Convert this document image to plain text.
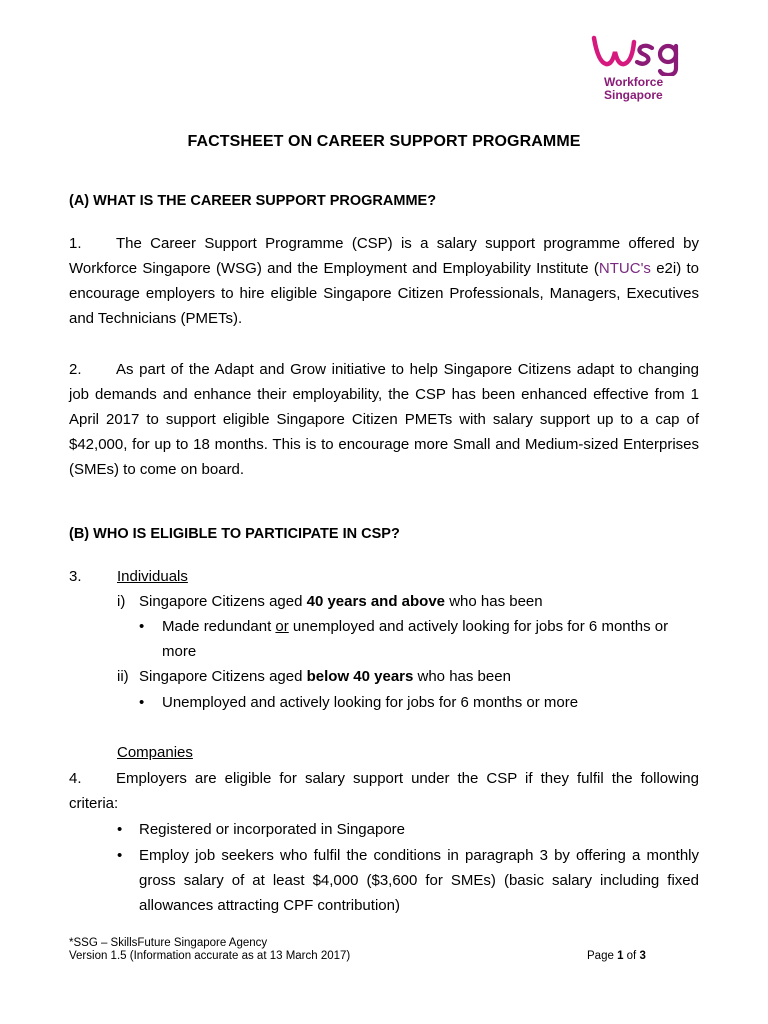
Workforce
Singapore
FACTSHEET ON CAREER SUPPORT PROGRAMME
(A) WHAT IS THE CAREER SUPPORT PROGRAMME?
1. The Career Support Programme (CSP) is a salary support programme offered by Workforce Singapore (WSG) and the Employment and Employability Institute (NTUC's e2i) to encourage employers to hire eligible Singapore Citizen Professionals, Managers, Executives and Technicians (PMETs).
2. As part of the Adapt and Grow initiative to help Singapore Citizens adapt to changing job demands and enhance their employability, the CSP has been enhanced effective from 1 April 2017 to support eligible Singapore Citizen PMETs with salary support up to a cap of $42,000, for up to 18 months. This is to encourage more Small and Medium-sized Enterprises (SMEs) to come on board.
(B) WHO IS ELIGIBLE TO PARTICIPATE IN CSP?
3. Individuals
i) Singapore Citizens aged 40 years and above who has been
• Made redundant or unemployed and actively looking for jobs for 6 months or
more
ii) Singapore Citizens aged below 40 years who has been
• Unemployed and actively looking for jobs for 6 months or more
Companies
4. Employers are eligible for salary support under the CSP if they fulfil the following criteria:
• Registered or incorporated in Singapore
• Employ job seekers who fulfil the conditions in paragraph 3 by offering a monthly gross salary of at least $4,000 ($3,600 for SMEs) (basic salary including fixed allowances attracting CPF contribution)
*SSG – SkillsFuture Singapore Agency
Version 1.5 (Information accurate as at 13 March 2017)	Page 1 of 3
